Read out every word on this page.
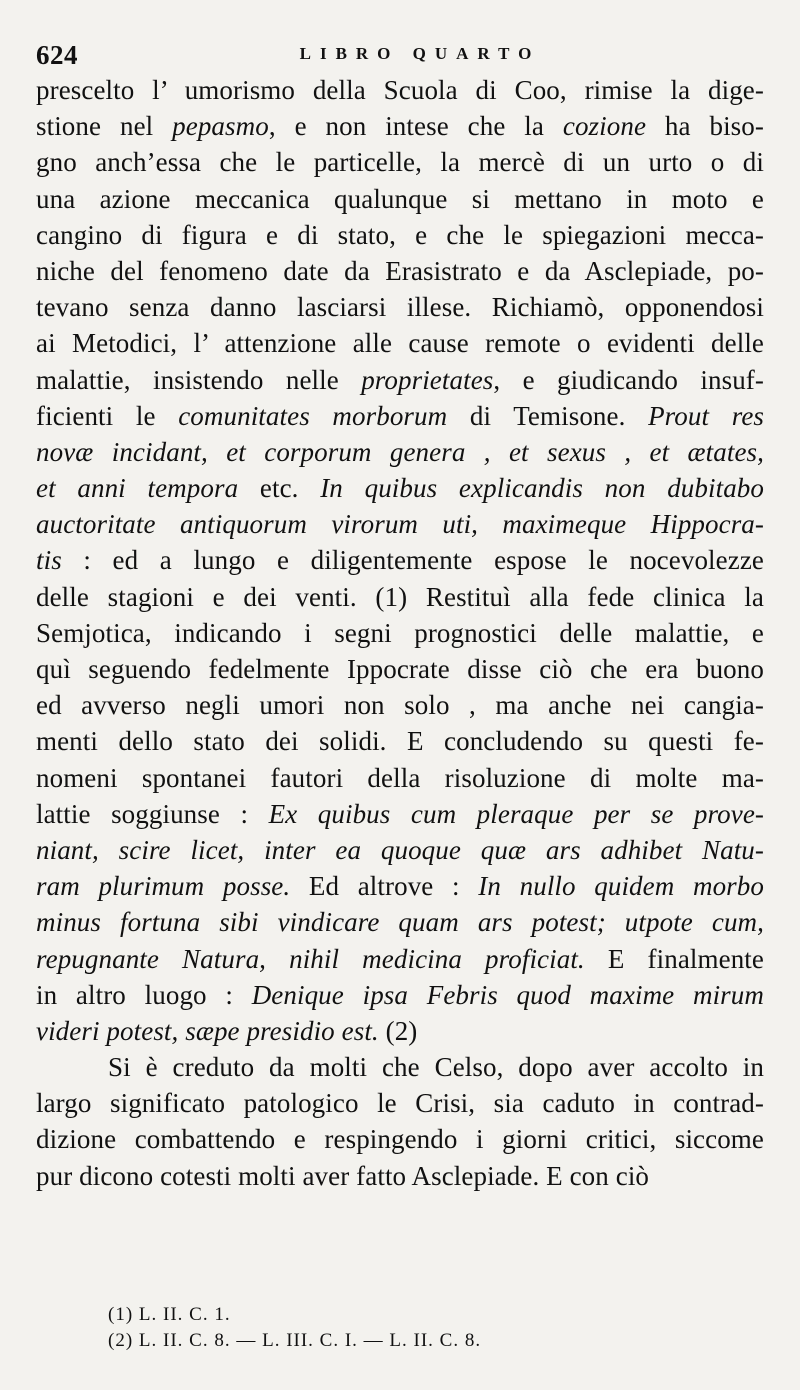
624	LIBRO QUARTO
prescelto l’ umorismo della Scuola di Coo, rimise la dige-
stione nel pepasmo, e non intese che la cozione ha biso-
gno anch’essa che le particelle, la mercè di un urto o di
una azione meccanica qualunque si mettano in moto e
cangino di figura e di stato, e che le spiegazioni mecca-
niche del fenomeno date da Erasistrato e da Asclepiade, po-
tevano senza danno lasciarsi illese. Richiamò, opponendosi
ai Metodici, l’ attenzione alle cause remote o evidenti delle
malattie, insistendo nelle proprietates, e giudicando insuf-
ficienti le comunitates morborum di Temisone. Prout res
novæ incidant, et corporum genera , et sexus , et ætates,
et anni tempora etc. In quibus explicandis non dubitabo
auctoritate antiquorum virorum uti, maximeque Hippocra-
tis : ed a lungo e diligentemente espose le nocevolezze
delle stagioni e dei venti. (1) Restituì alla fede clinica la
Semjotica, indicando i segni prognostici delle malattie, e
quì seguendo fedelmente Ippocrate disse ciò che era buono
ed avverso negli umori non solo , ma anche nei cangia-
menti dello stato dei solidi. E concludendo su questi fe-
nomeni spontanei fautori della risoluzione di molte ma-
lattie soggiunse : Ex quibus cum pleraque per se prove-
niant, scire licet, inter ea quoque quæ ars adhibet Natu-
ram plurimum posse. Ed altrove : In nullo quidem morbo
minus fortuna sibi vindicare quam ars potest; utpote cum,
repugnante Natura, nihil medicina proficiat. E finalmente
in altro luogo : Denique ipsa Febris quod maxime mirum
videri potest, sæpe presidio est. (2)
Si è creduto da molti che Celso, dopo aver accolto in
largo significato patologico le Crisi, sia caduto in contrad-
dizione combattendo e respingendo i giorni critici, siccome
pur dicono cotesti molti aver fatto Asclepiade. E con ciò
(1) L. II. C. 1.
(2) L. II. C. 8. — L. III. C. I. — L. II. C. 8.
